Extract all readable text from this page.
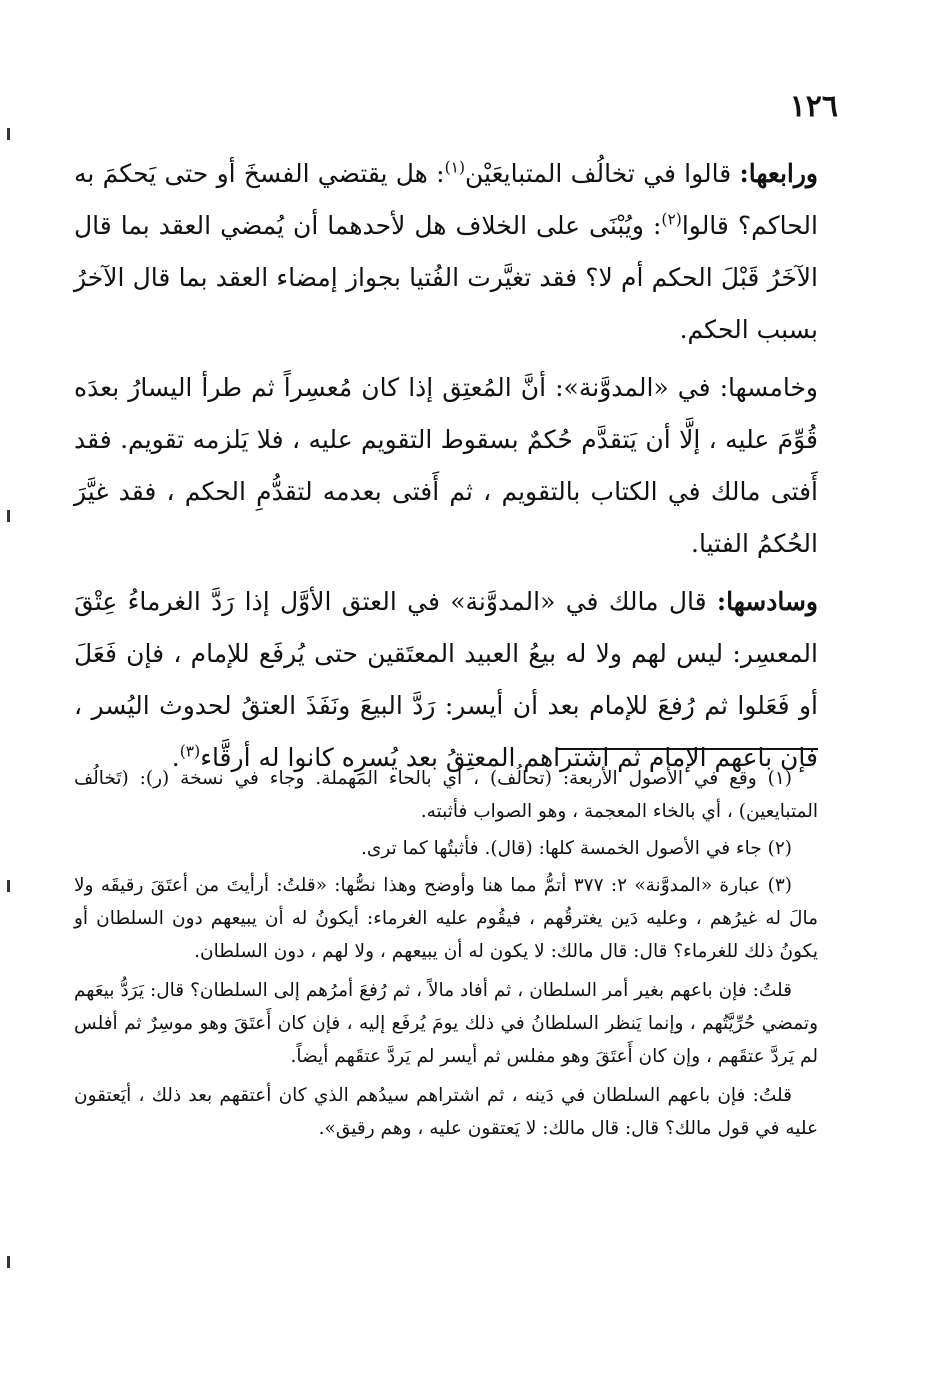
١٢٦

ورابعها: قالوا في تخالُف المتبايعَيْن$^{(١)}$: هل يقتضي الفسخَ أو حتى يَحكمَ به الحاكم؟ قالوا$^{(٢)}$: ويُبْنَى على الخلاف هل لأحدهما أن يُمضي العقد بما قال الآخَرُ قَبْلَ الحكم أم لا؟ فقد تغيَّرت الفُتيا بجواز إمضاء العقد بما قال الآخرُ بسبب الحكم.

وخامسها: في «المدوَّنة»: أنَّ المُعتِق إذا كان مُعسِراً ثم طرأ اليسارُ بعدَه قُوِّمَ عليه ، إلَّا أن يَتقدَّم حُكمٌ بسقوط التقويم عليه ، فلا يَلزمه تقويم. فقد أَفتى مالك في الكتاب بالتقويم ، ثم أَفتى بعدمه لتقدُّمِ الحكم ، فقد غيَّرَ الحُكمُ الفتيا.

وسادسها: قال مالك في «المدوَّنة» في العتق الأوَّل إذا رَدَّ الغرماءُ عِتْقَ المعسِر: ليس لهم ولا له بيعُ العبيد المعتَقين حتى يُرفَع للإمام ، فإن فَعَلَ أو فَعَلوا ثم رُفعَ للإمام بعد أن أيسر: رَدَّ البيعَ ونَفَذَ العتقُ لحدوث اليُسر ، فإن باعهم الإمام ثم اشتراهم المعتِقُ بعد يُسرِه كانوا له أرقَّاء$^{(٣)}$.

(١) وقع في الأصول الأربعة: (تحالُف) ، أي بالحاء المهملة. وجاء في نسخة (ر): (تَخالُف المتبايعين) ، أي بالخاء المعجمة ، وهو الصواب فأثبته.

(٢) جاء في الأصول الخمسة كلها: (قال). فأثبتُها كما ترى.

(٣) عبارة «المدوَّنة» ٢: ٣٧٧ أتمُّ مما هنا وأوضح وهذا نصُّها: «قلتُ: أرأيتَ من أعتَقَ رقيقَه ولا مالَ له غيرُهم ، وعليه دَين يغترقُهم ، فيقُوم عليه الغرماء: أيكونُ له أن يبيعهم دون السلطان أو يكونُ ذلك للغرماء؟ قال: قال مالك: لا يكون له أن يبيعهم ، ولا لهم ، دون السلطان.

قلتُ: فإن باعهم بغير أمر السلطان ، ثم أفاد مالاً ، ثم رُفعَ أمرُهم إلى السلطان؟ قال: يَرَدُّ بيعَهم وتمضي حُرِّيَّتُهم ، وإنما يَنظر السلطانُ في ذلك يومَ يُرفَع إليه ، فإن كان أَعتَقَ وهو موسِرٌ ثم أفلس لم يَردَّ عتقَهم ، وإن كان أَعتَقَ وهو مفلس ثم أيسر لم يَردَّ عتقَهم أيضاً.

قلتُ: فإن باعهم السلطان في دَينه ، ثم اشتراهم سيدُهم الذي كان أعتقهم بعد ذلك ، أيَعتقون عليه في قول مالك؟ قال: قال مالك: لا يَعتقون عليه ، وهم رقيق».
